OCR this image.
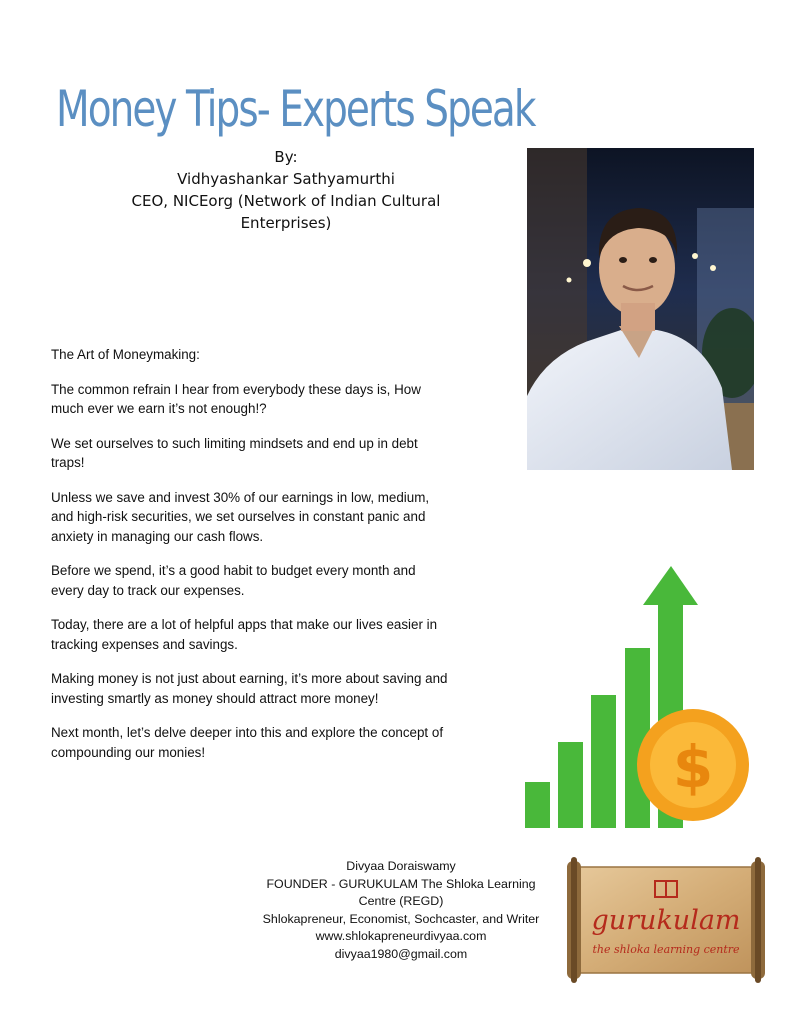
Money Tips- Experts Speak
By:
Vidhyashankar Sathyamurthi
CEO, NICEorg (Network of Indian Cultural
Enterprises)

The Art of Moneymaking:

The common refrain I hear from everybody these days is, How much ever we earn it’s not enough!?

We set ourselves to such limiting mindsets and end up in debt traps!

Unless we save and invest 30% of our earnings in low, medium, and high-risk securities, we set ourselves in constant panic and anxiety in managing our cash flows.

Before we spend, it’s a good habit to budget every month and every day to track our expenses.

Today, there are a lot of helpful apps that make our lives easier in tracking expenses and savings.

Making money is not just about earning, it’s more about saving and investing smartly as money should attract more money!

Next month, let’s delve deeper into this and explore the concept of compounding our monies!	$
Divyaa Doraiswamy
FOUNDER - GURUKULAM The Shloka Learning
Centre (REGD)
Shlokapreneur, Economist, Sochcaster, and Writer
www.shlokapreneurdivyaa.com
divyaa1980@gmail.com
gurukulam
the shloka learning centre
